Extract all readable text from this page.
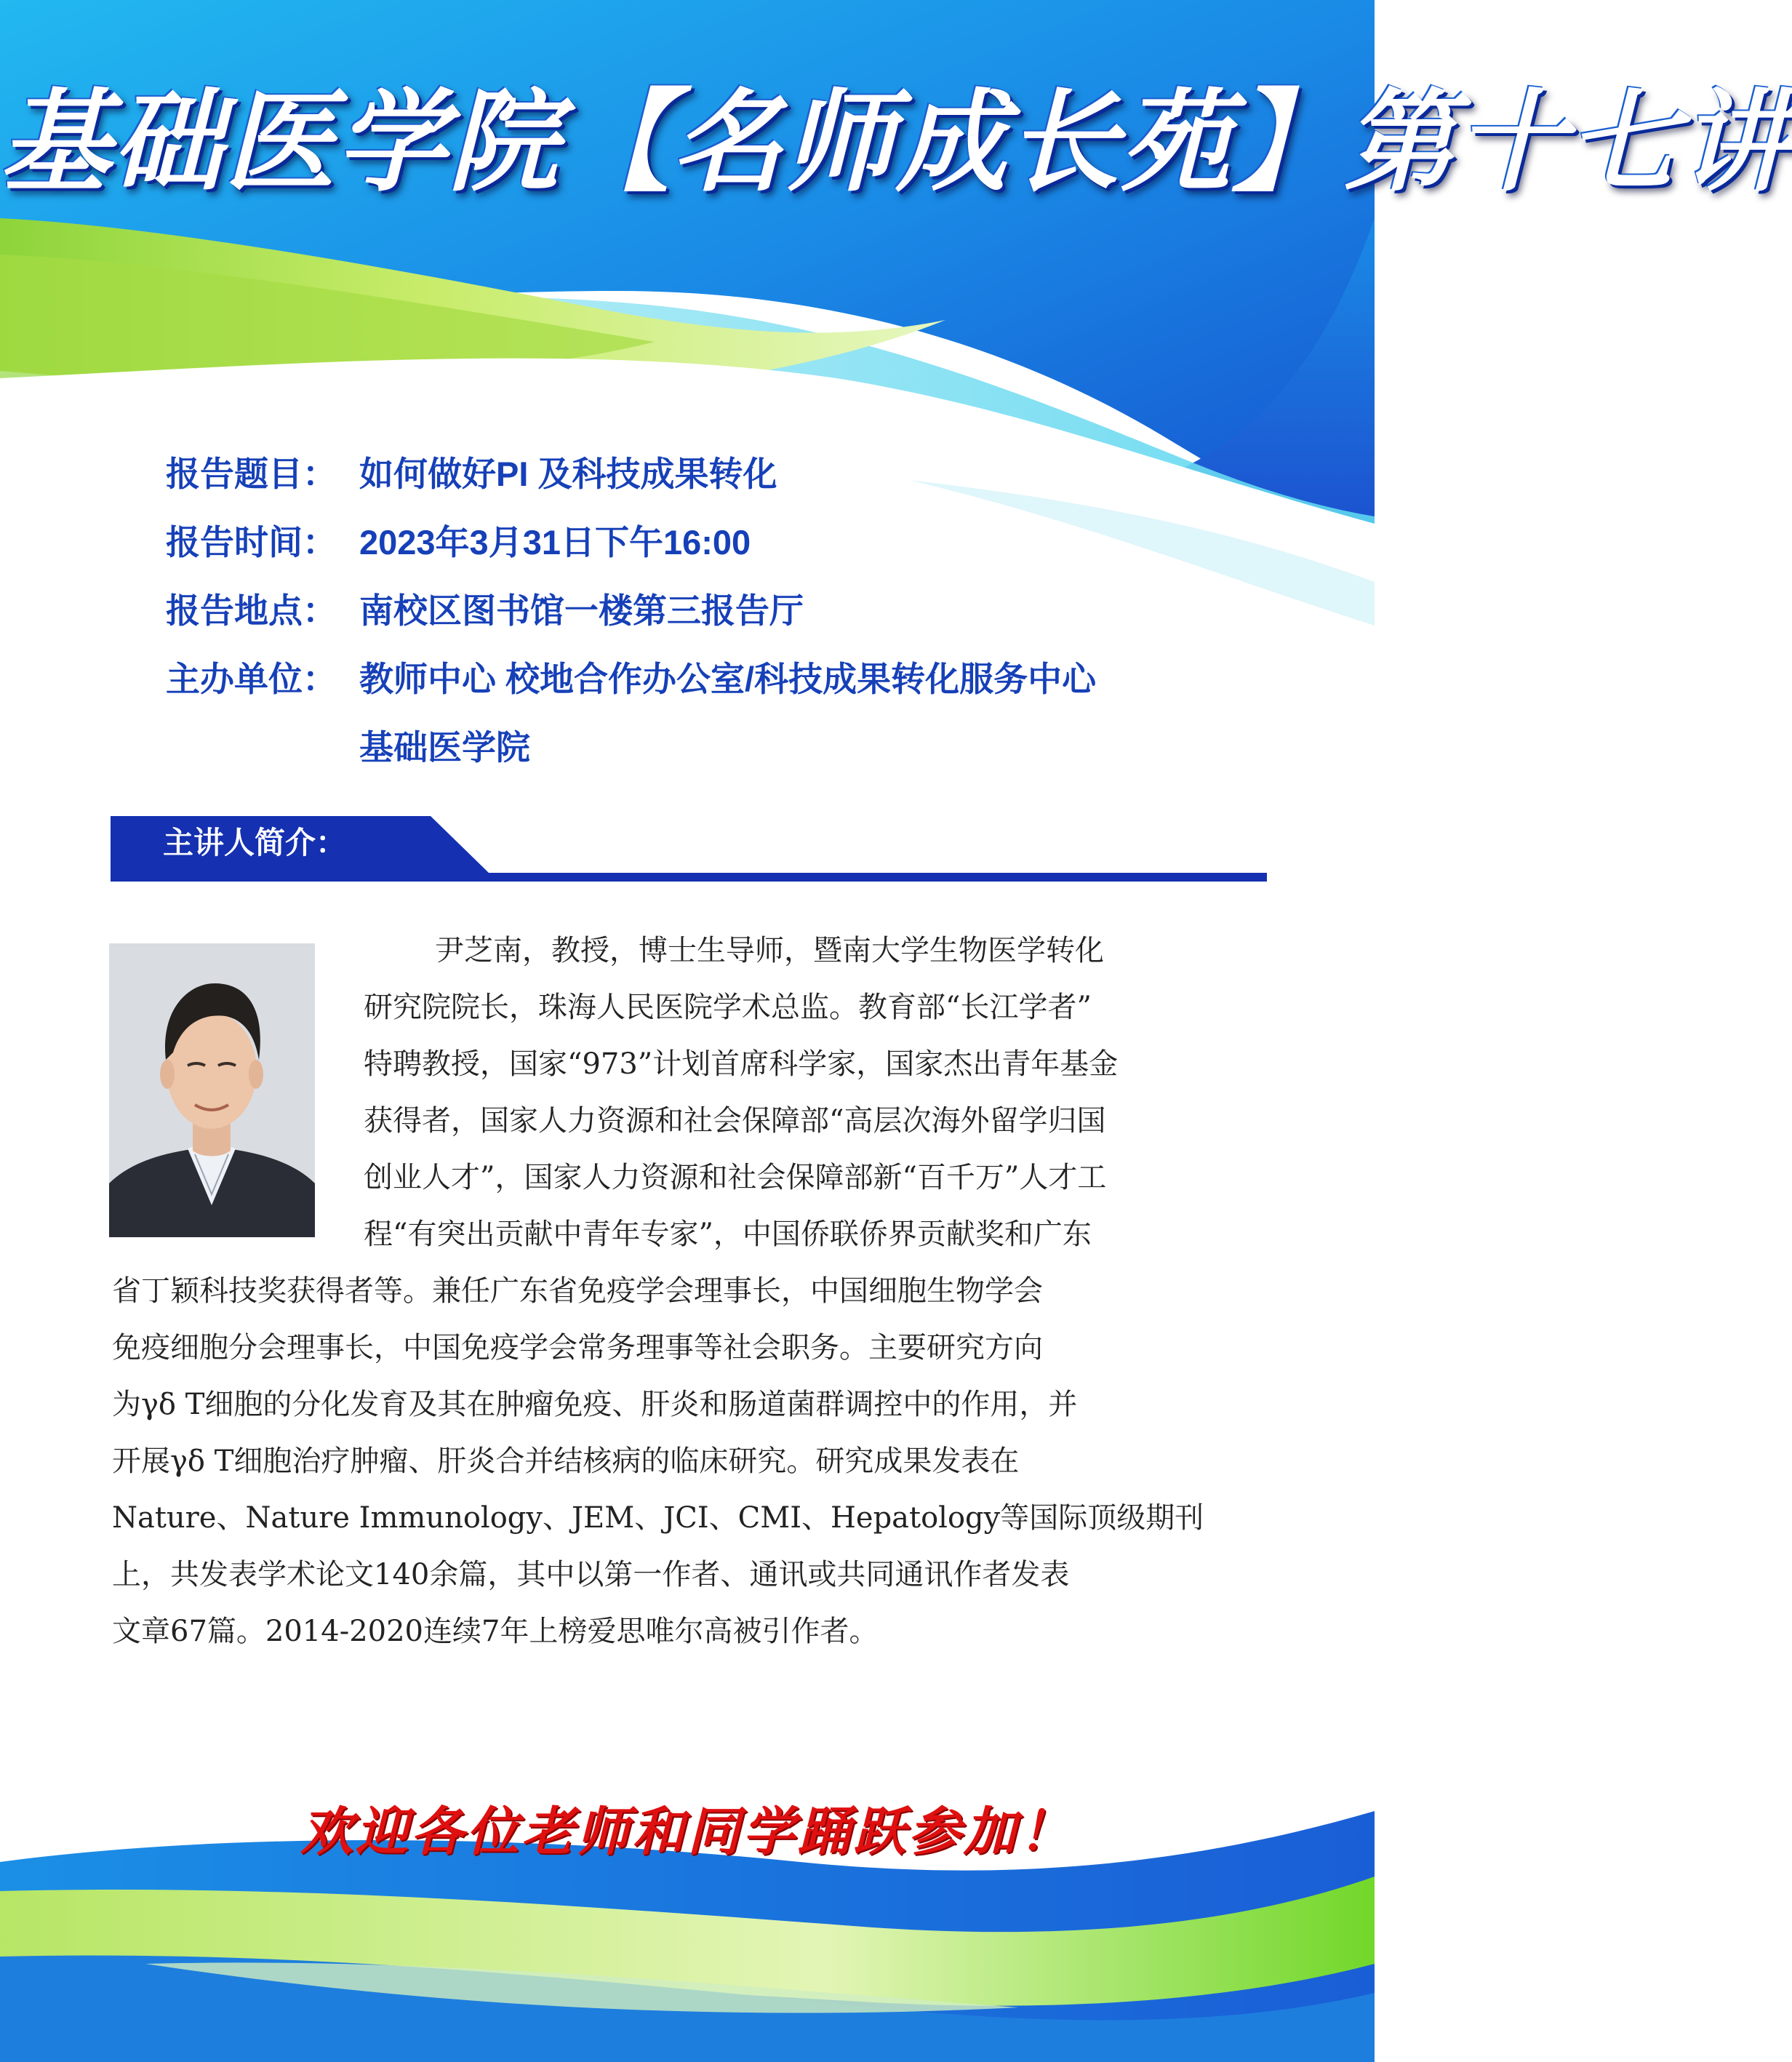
基础医学院【名师成长苑】第十七讲
报告题目： 如何做好PI 及科技成果转化
报告时间： 2023年3月31日下午16:00
报告地点： 南校区图书馆一楼第三报告厅
主办单位： 教师中心 校地合作办公室/科技成果转化服务中心
基础医学院
主讲人简介：
尹芝南，教授，博士生导师，暨南大学生物医学转化
研究院院长，珠海人民医院学术总监。教育部“长江学者”
特聘教授，国家“973”计划首席科学家，国家杰出青年基金
获得者，国家人力资源和社会保障部“高层次海外留学归国
创业人才”，国家人力资源和社会保障部新“百千万”人才工
程“有突出贡献中青年专家”，中国侨联侨界贡献奖和广东
省丁颖科技奖获得者等。兼任广东省免疫学会理事长，中国细胞生物学会
免疫细胞分会理事长，中国免疫学会常务理事等社会职务。主要研究方向
为γδ T细胞的分化发育及其在肿瘤免疫、肝炎和肠道菌群调控中的作用，并
开展γδ T细胞治疗肿瘤、肝炎合并结核病的临床研究。研究成果发表在
Nature、Nature Immunology、JEM、JCI、CMI、Hepatology等国际顶级期刊
上，共发表学术论文140余篇，其中以第一作者、通讯或共同通讯作者发表
文章67篇。2014-2020连续7年上榜爱思唯尔高被引作者。
欢迎各位老师和同学踊跃参加！
